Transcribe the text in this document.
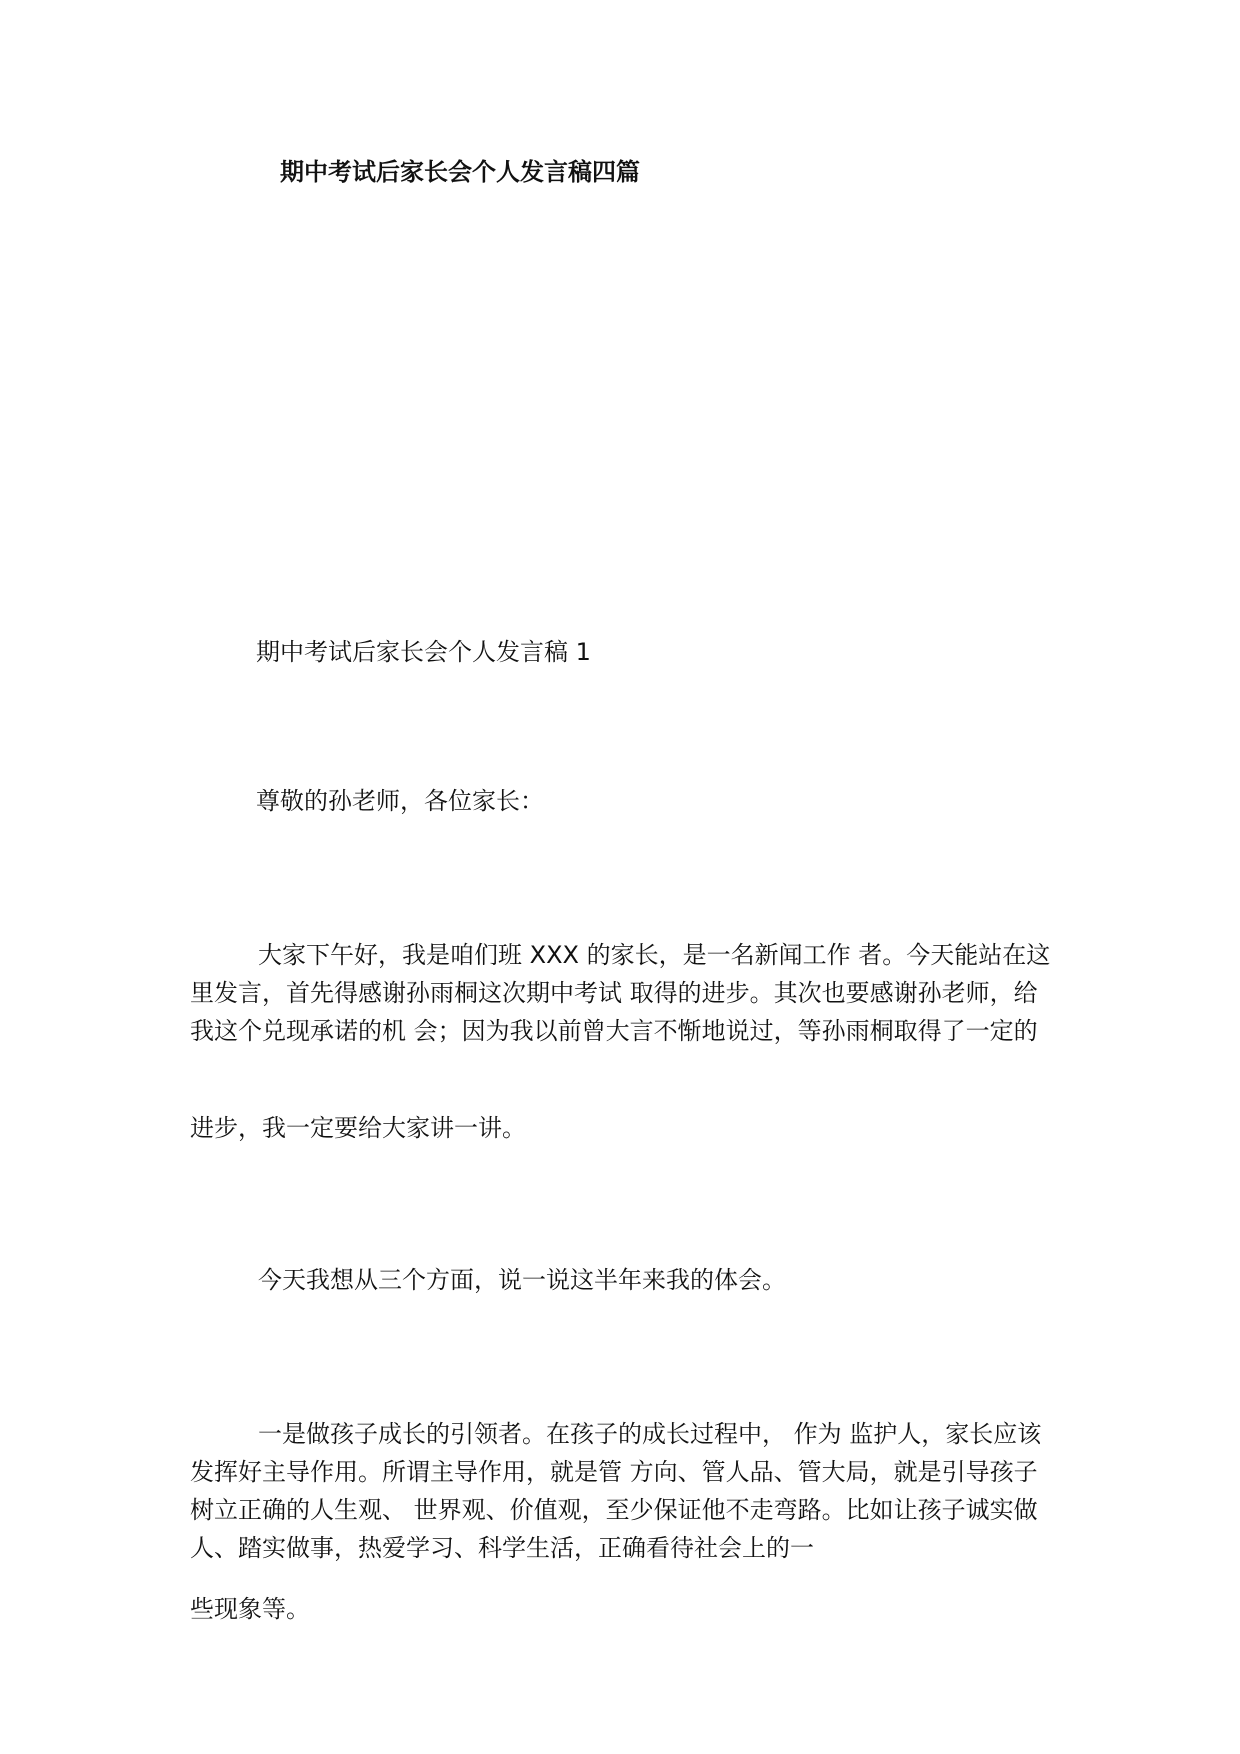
期中考试后家长会个人发言稿四篇
期中考试后家长会个人发言稿 1
尊敬的孙老师，各位家长：

大家下午好，我是咱们班 XXX 的家长，是一名新闻工作 者。今天能站在这里发言，首先得感谢孙雨桐这次期中考试 取得的进步。其次也要感谢孙老师，给我这个兑现承诺的机 会；因为我以前曾大言不惭地说过，等孙雨桐取得了一定的

进步，我一定要给大家讲一讲。

今天我想从三个方面，说一说这半年来我的体会。

一是做孩子成长的引领者。在孩子的成长过程中， 作为 监护人，家长应该发挥好主导作用。所谓主导作用，就是管 方向、管人品、管大局，就是引导孩子树立正确的人生观、 世界观、价值观，至少保证他不走弯路。比如让孩子诚实做 人、踏实做事，热爱学习、科学生活，正确看待社会上的一

些现象等。
